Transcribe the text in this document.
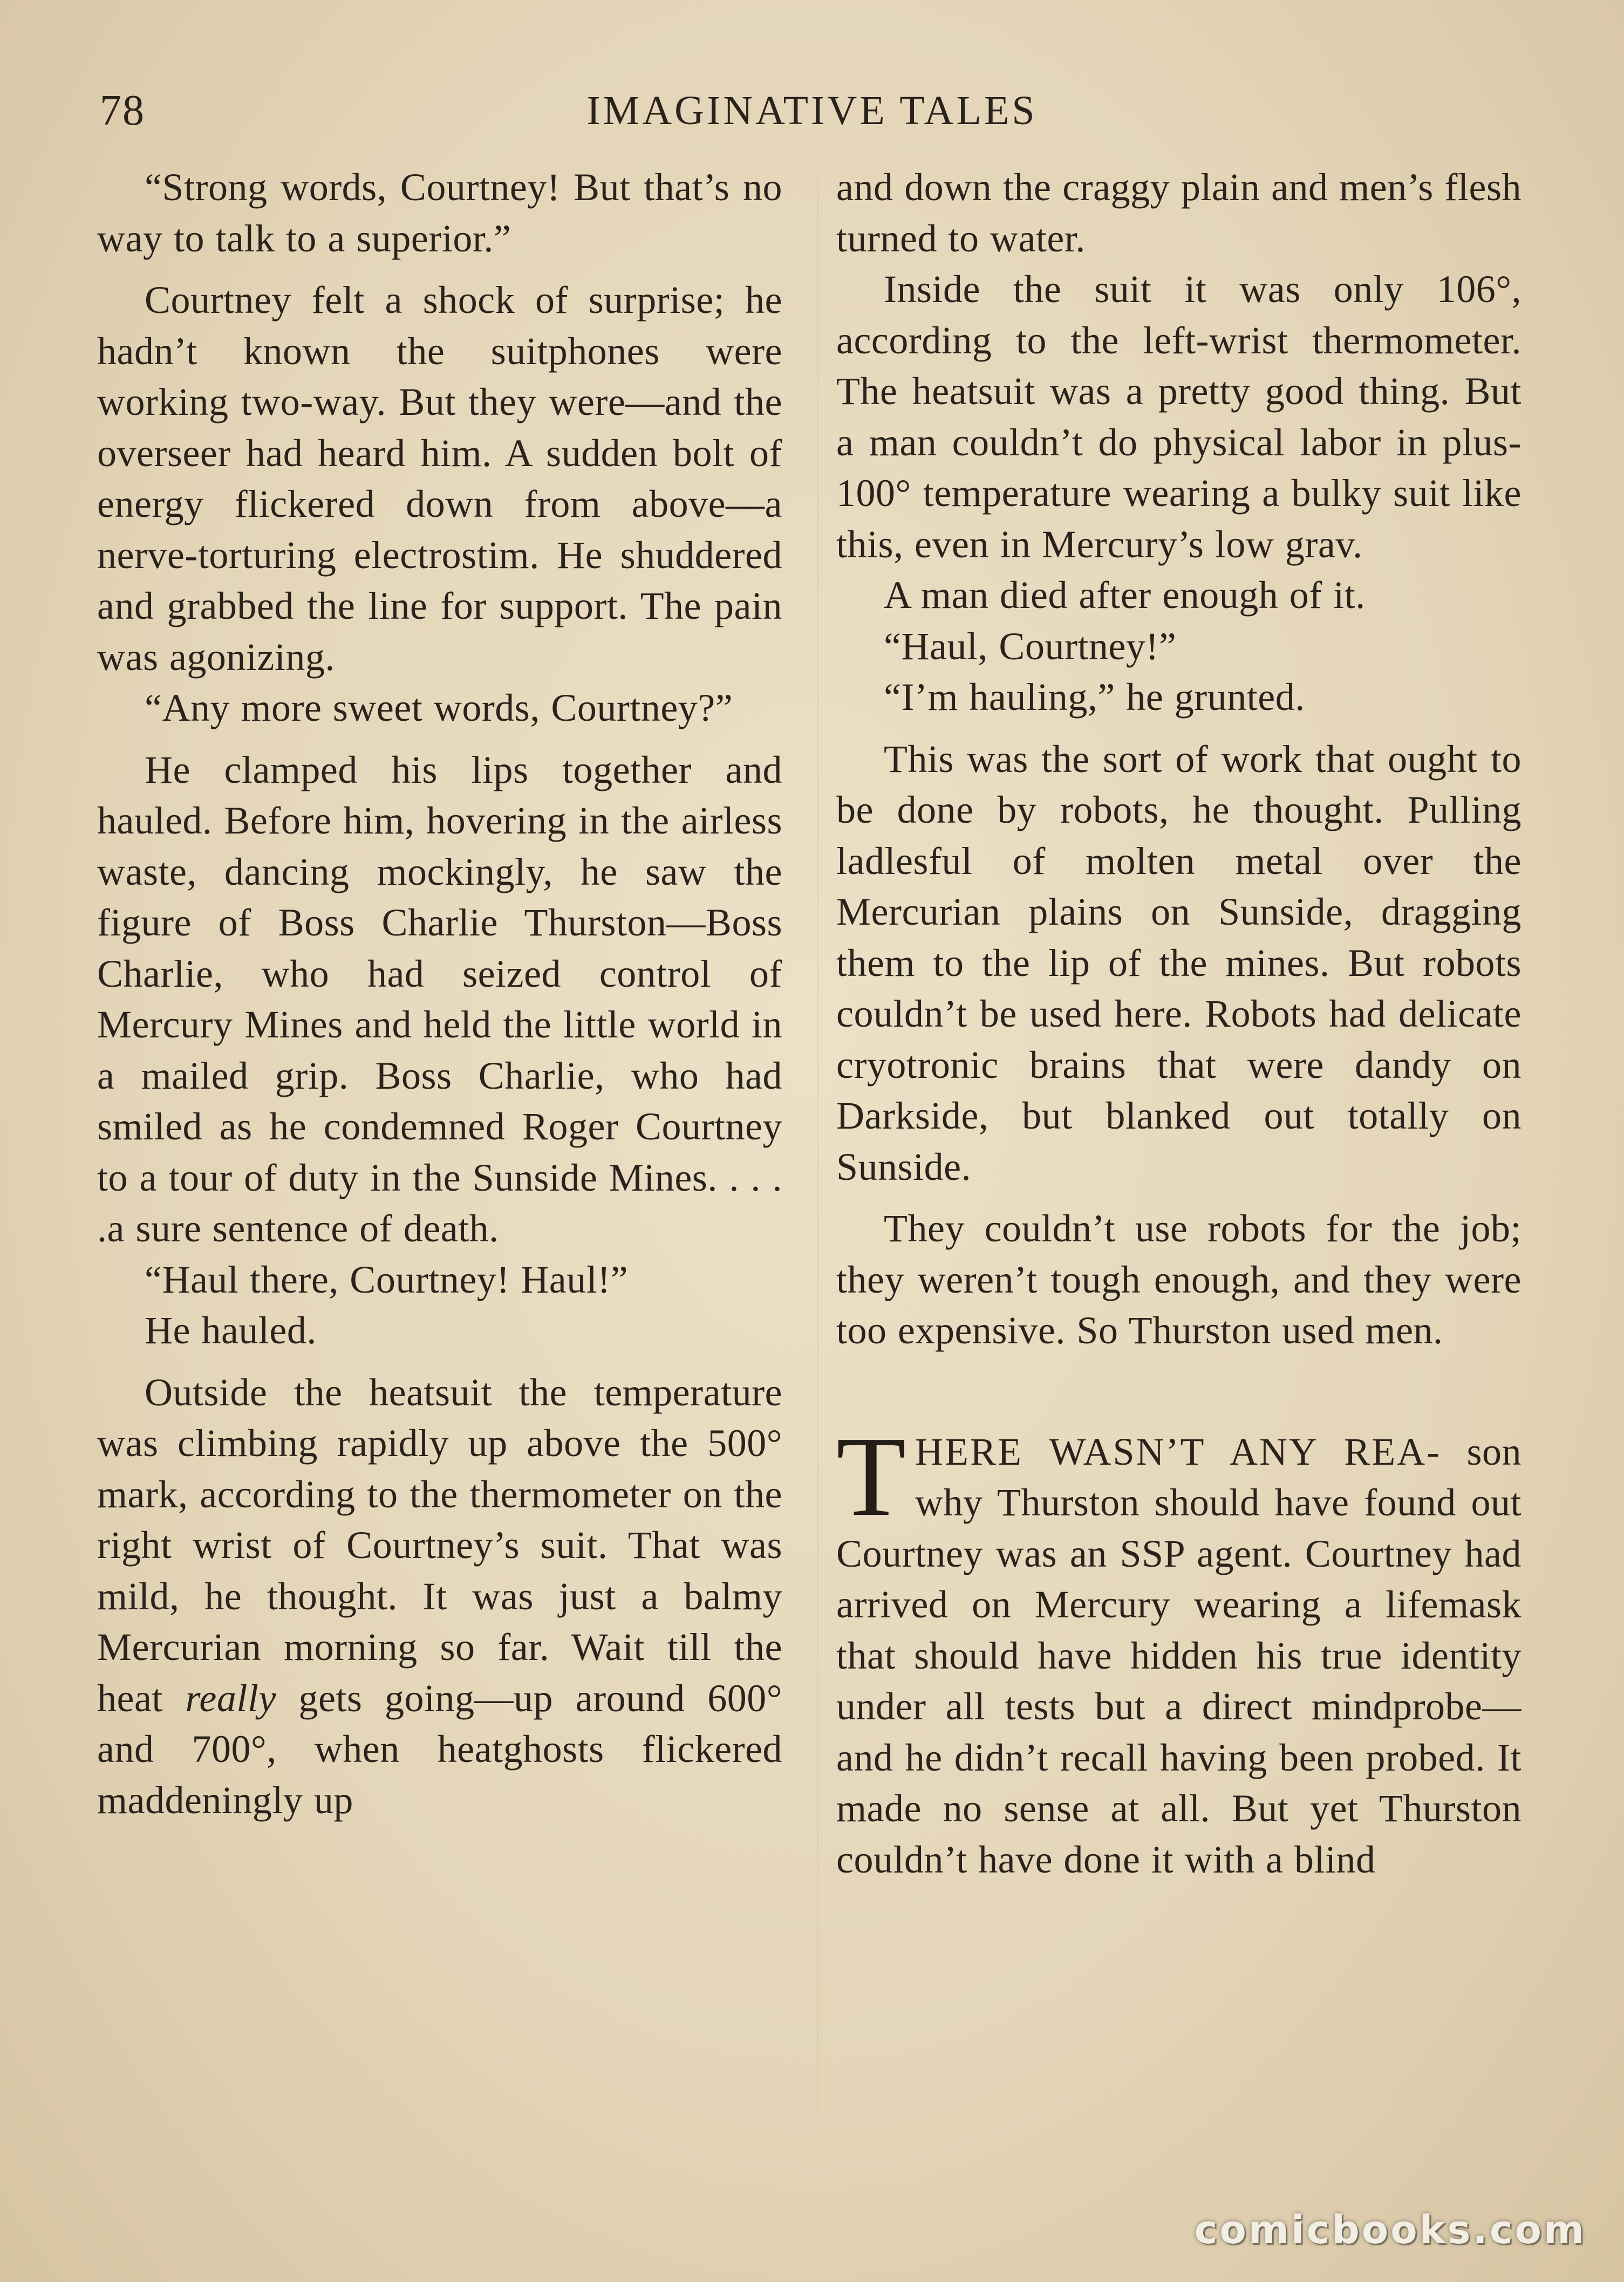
78	IMAGINATIVE TALES

“Strong words, Courtney! But that’s no way to talk to a superior.”

Courtney felt a shock of surprise; he hadn’t known the suitphones were working two-way. But they were—and the overseer had heard him. A sudden bolt of energy flickered down from above—a nerve-torturing electrostim. He shuddered and grabbed the line for support. The pain was agonizing.

“Any more sweet words, Courtney?”

He clamped his lips together and hauled. Before him, hovering in the airless waste, dancing mockingly, he saw the figure of Boss Charlie Thurston—Boss Charlie, who had seized control of Mercury Mines and held the little world in a mailed grip. Boss Charlie, who had smiled as he condemned Roger Courtney to a tour of duty in the Sunside Mines. . . . .a sure sentence of death.

“Haul there, Courtney! Haul!”

He hauled.

Outside the heatsuit the temperature was climbing rapidly up above the 500° mark, according to the thermometer on the right wrist of Courtney’s suit. That was mild, he thought. It was just a balmy Mercurian morning so far. Wait till the heat really gets going—up around 600° and 700°, when heatghosts flickered maddeningly up

and down the craggy plain and men’s flesh turned to water.

Inside the suit it was only 106°, according to the left-wrist thermometer. The heatsuit was a pretty good thing. But a man couldn’t do physical labor in plus-100° temperature wearing a bulky suit like this, even in Mercury’s low grav.

A man died after enough of it.

“Haul, Courtney!”

“I’m hauling,” he grunted.

This was the sort of work that ought to be done by robots, he thought. Pulling ladlesful of molten metal over the Mercurian plains on Sunside, dragging them to the lip of the mines. But robots couldn’t be used here. Robots had delicate cryotronic brains that were dandy on Darkside, but blanked out totally on Sunside.

They couldn’t use robots for the job; they weren’t tough enough, and they were too expensive. So Thurston used men.

THERE WASN’T ANY REA- son why Thurston should have found out Courtney was an SSP agent. Courtney had arrived on Mercury wearing a lifemask that should have hidden his true identity under all tests but a direct mindprobe—and he didn’t recall having been probed. It made no sense at all. But yet Thurston couldn’t have done it with a blind

comicbooks.com
